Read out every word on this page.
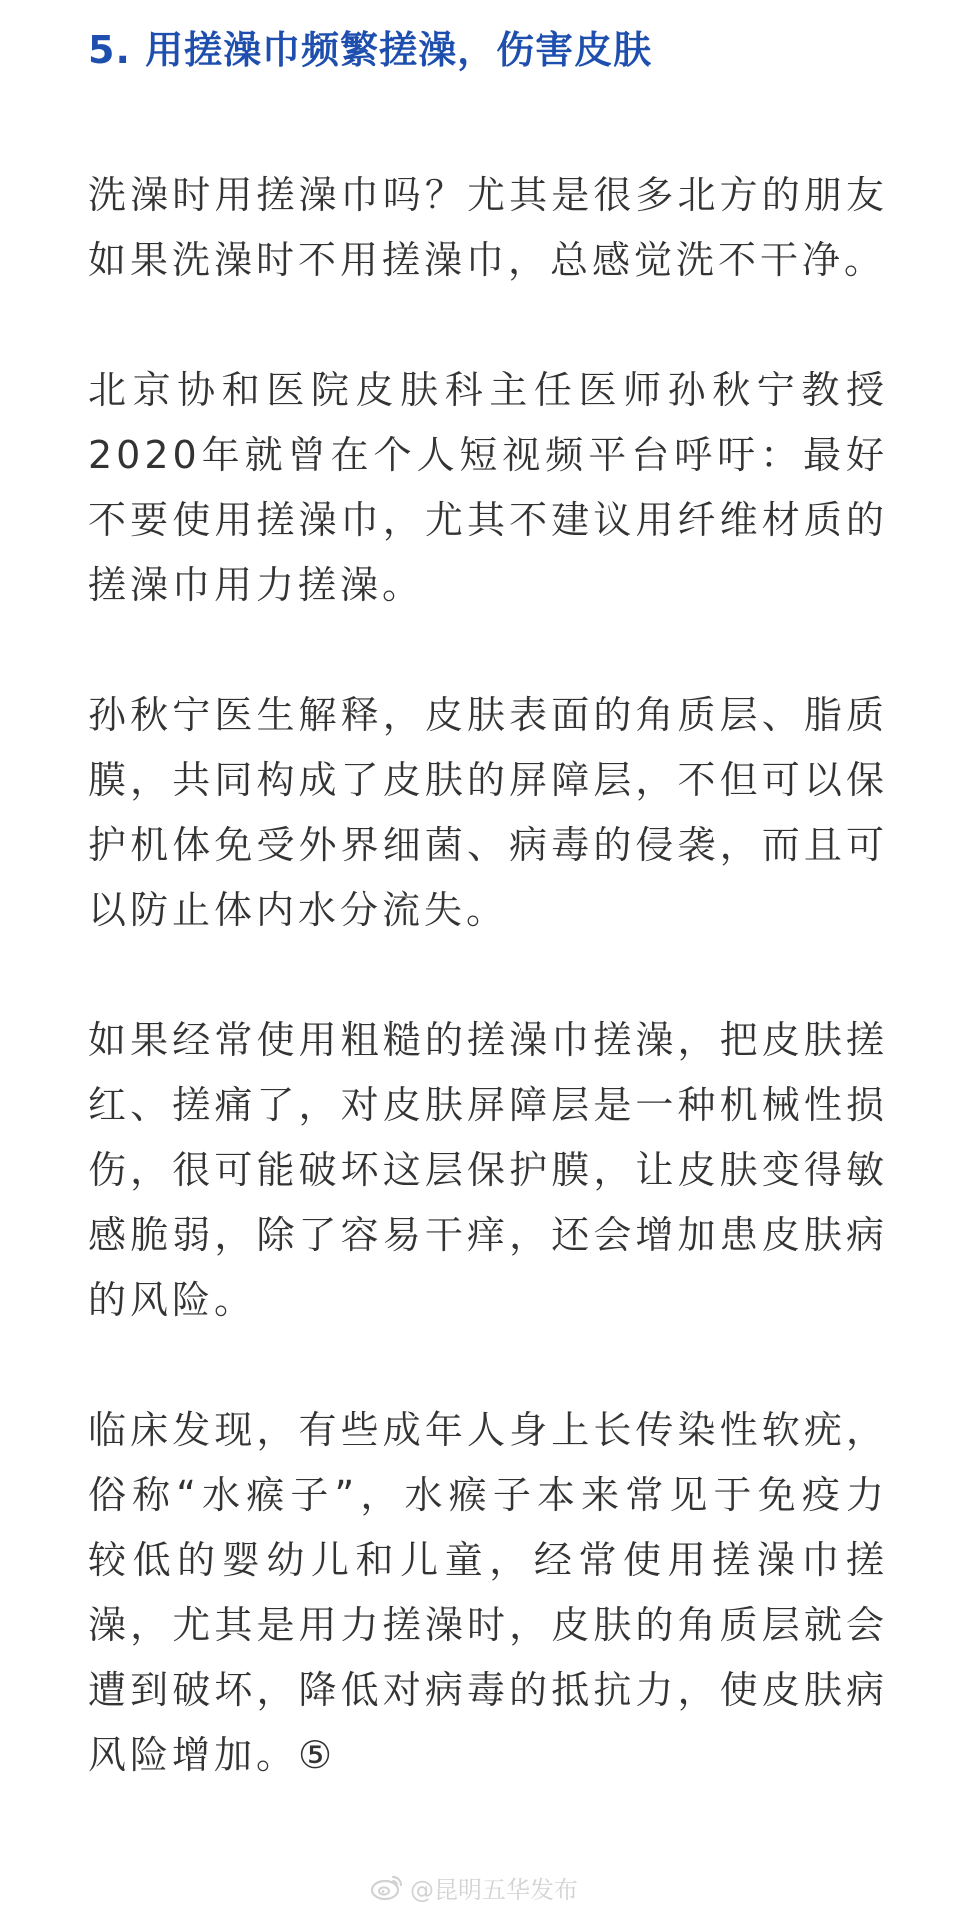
5. 用搓澡巾频繁搓澡，伤害皮肤

洗澡时用搓澡巾吗？尤其是很多北方的朋友如果洗澡时不用搓澡巾，总感觉洗不干净。

北京协和医院皮肤科主任医师孙秋宁教授2020年就曾在个人短视频平台呼吁：最好不要使用搓澡巾，尤其不建议用纤维材质的搓澡巾用力搓澡。

孙秋宁医生解释，皮肤表面的角质层、脂质膜，共同构成了皮肤的屏障层，不但可以保护机体免受外界细菌、病毒的侵袭，而且可以防止体内水分流失。

如果经常使用粗糙的搓澡巾搓澡，把皮肤搓红、搓痛了，对皮肤屏障层是一种机械性损伤，很可能破坏这层保护膜，让皮肤变得敏感脆弱，除了容易干痒，还会增加患皮肤病的风险。

临床发现，有些成年人身上长传染性软疣，俗称“水瘊子”，水瘊子本来常见于免疫力较低的婴幼儿和儿童，经常使用搓澡巾搓澡，尤其是用力搓澡时，皮肤的角质层就会遭到破坏，降低对病毒的抵抗力，使皮肤病风险增加。⑤

@昆明五华发布
